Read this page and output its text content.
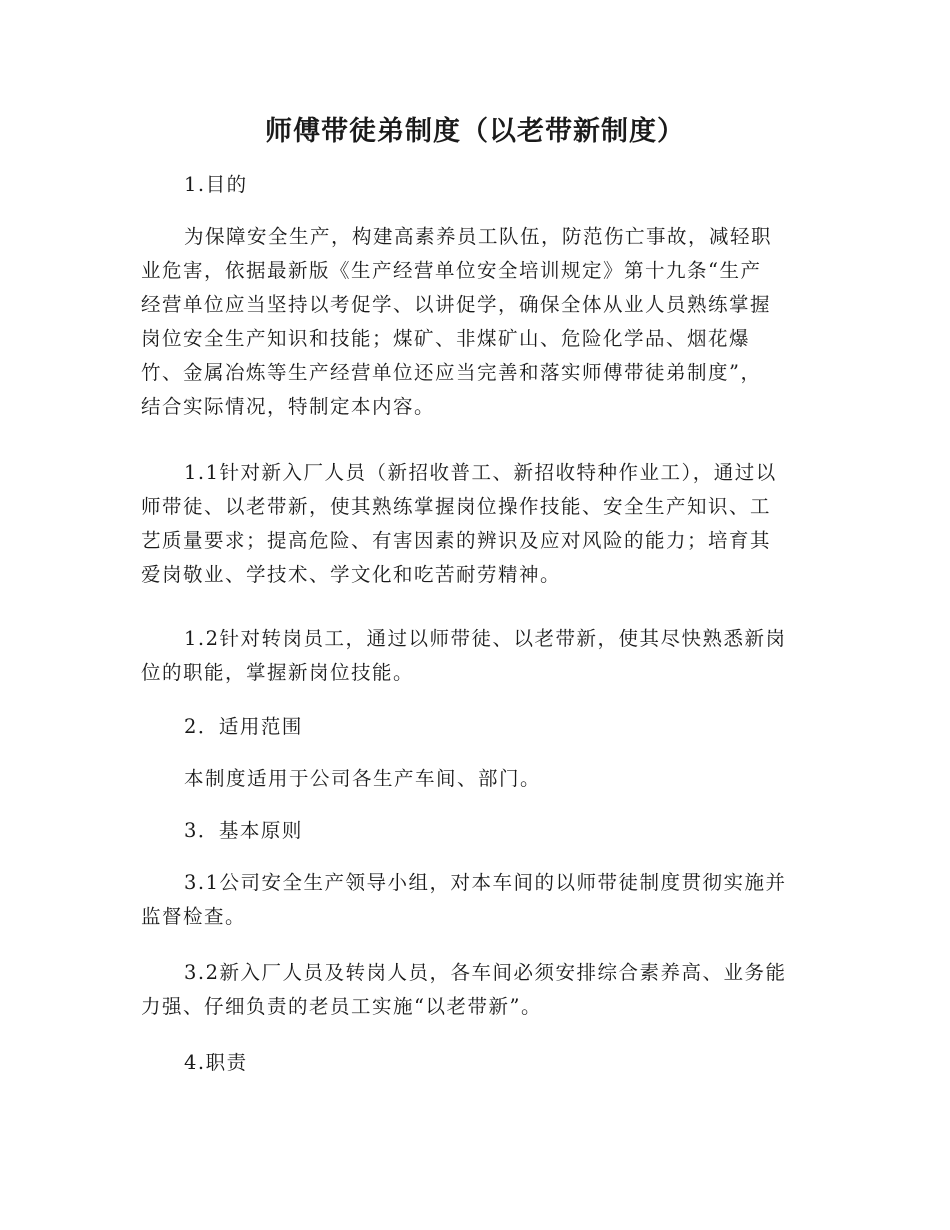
师傅带徒弟制度（以老带新制度）

1.目的

为保障安全生产，构建高素养员工队伍，防范伤亡事故，减轻职
业危害，依据最新版《生产经营单位安全培训规定》第十九条“生产
经营单位应当坚持以考促学、以讲促学，确保全体从业人员熟练掌握
岗位安全生产知识和技能；煤矿、非煤矿山、危险化学品、烟花爆
竹、金属冶炼等生产经营单位还应当完善和落实师傅带徒弟制度”，
结合实际情况，特制定本内容。
1.1针对新入厂人员（新招收普工、新招收特种作业工），通过以
师带徒、以老带新，使其熟练掌握岗位操作技能、安全生产知识、工
艺质量要求；提高危险、有害因素的辨识及应对风险的能力；培育其
爱岗敬业、学技术、学文化和吃苦耐劳精神。
1.2针对转岗员工，通过以师带徒、以老带新，使其尽快熟悉新岗
位的职能，掌握新岗位技能。

2．适用范围

本制度适用于公司各生产车间、部门。

3．基本原则

3.1公司安全生产领导小组，对本车间的以师带徒制度贯彻实施并
监督检查。
3.2新入厂人员及转岗人员，各车间必须安排综合素养高、业务能
力强、仔细负责的老员工实施“以老带新”。

4.职责
